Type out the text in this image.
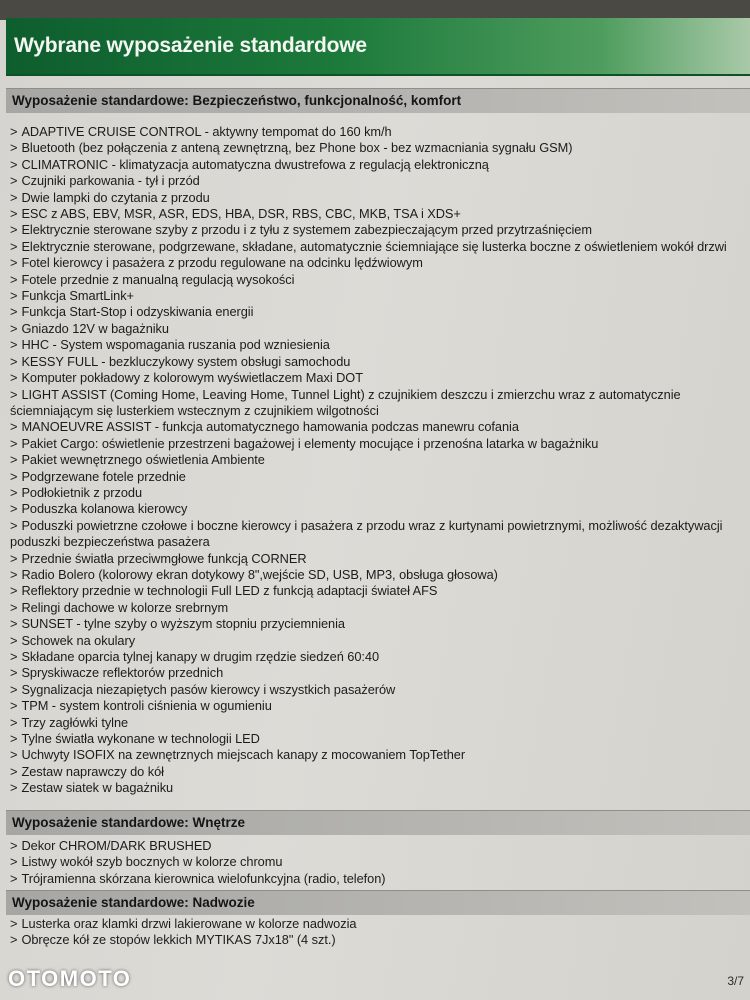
Wybrane wyposażenie standardowe
Wyposażenie standardowe: Bezpieczeństwo, funkcjonalność, komfort
> ADAPTIVE CRUISE CONTROL - aktywny tempomat do 160 km/h
> Bluetooth (bez połączenia z anteną zewnętrzną, bez Phone box - bez wzmacniania sygnału GSM)
> CLIMATRONIC - klimatyzacja automatyczna dwustrefowa z regulacją elektroniczną
> Czujniki parkowania - tył i przód
> Dwie lampki do czytania z przodu
> ESC z ABS, EBV, MSR, ASR, EDS, HBA, DSR, RBS, CBC, MKB, TSA i XDS+
> Elektrycznie sterowane szyby z przodu i z tyłu z systemem zabezpieczającym przed przytrzaśnięciem
> Elektrycznie sterowane, podgrzewane, składane, automatycznie ściemniające się lusterka boczne z oświetleniem wokół drzwi
> Fotel kierowcy i pasażera z przodu regulowane na odcinku lędźwiowym
> Fotele przednie z manualną regulacją wysokości
> Funkcja SmartLink+
> Funkcja Start-Stop i odzyskiwania energii
> Gniazdo 12V w bagażniku
> HHC - System wspomagania ruszania pod wzniesienia
> KESSY FULL - bezkluczykowy system obsługi samochodu
> Komputer pokładowy z kolorowym wyświetlaczem Maxi DOT
> LIGHT ASSIST (Coming Home, Leaving Home, Tunnel Light) z czujnikiem deszczu i zmierzchu wraz z automatycznie ściemniającym się lusterkiem wstecznym z czujnikiem wilgotności
> MANOEUVRE ASSIST - funkcja automatycznego hamowania podczas manewru cofania
> Pakiet Cargo: oświetlenie przestrzeni bagażowej i elementy mocujące i przenośna latarka w bagażniku
> Pakiet wewnętrznego oświetlenia Ambiente
> Podgrzewane fotele przednie
> Podłokietnik z przodu
> Poduszka kolanowa kierowcy
> Poduszki powietrzne czołowe i boczne kierowcy i pasażera z przodu wraz z kurtynami powietrznymi, możliwość dezaktywacji poduszki bezpieczeństwa pasażera
> Przednie światła przeciwmgłowe funkcją CORNER
> Radio Bolero (kolorowy ekran dotykowy 8",wejście SD, USB, MP3, obsługa głosowa)
> Reflektory przednie w technologii Full LED z funkcją adaptacji świateł AFS
> Relingi dachowe w kolorze srebrnym
> SUNSET - tylne szyby o wyższym stopniu przyciemnienia
> Schowek na okulary
> Składane oparcia tylnej kanapy w drugim rzędzie siedzeń 60:40
> Spryskiwacze reflektorów przednich
> Sygnalizacja niezapiętych pasów kierowcy i wszystkich pasażerów
> TPM - system kontroli ciśnienia w ogumieniu
> Trzy zagłówki tylne
> Tylne światła wykonane w technologii LED
> Uchwyty ISOFIX na zewnętrznych miejscach kanapy z mocowaniem TopTether
> Zestaw naprawczy do kół
> Zestaw siatek w bagażniku
Wyposażenie standardowe: Wnętrze
> Dekor CHROM/DARK BRUSHED
> Listwy wokół szyb bocznych w kolorze chromu
> Trójramienna skórzana kierownica wielofunkcyjna (radio, telefon)
Wyposażenie standardowe: Nadwozie
> Lusterka oraz klamki drzwi lakierowane w kolorze nadwozia
> Obręcze kół ze stopów lekkich MYTIKAS 7Jx18" (4 szt.)
3/7
OTOMOTO
